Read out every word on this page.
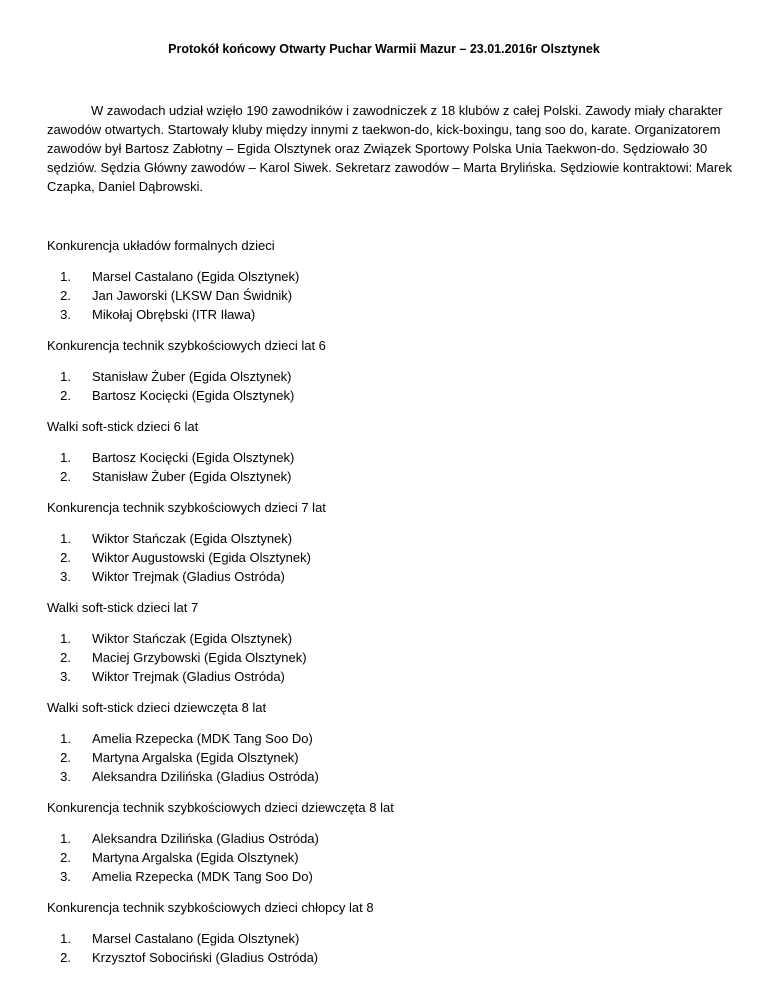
Protokół końcowy Otwarty Puchar Warmii Mazur – 23.01.2016r Olsztynek

W zawodach udział wzięło 190 zawodników i zawodniczek z 18 klubów z całej Polski. Zawody miały charakter zawodów otwartych. Startowały kluby między innymi z taekwon-do, kick-boxingu, tang soo do, karate. Organizatorem zawodów był Bartosz Zabłotny – Egida Olsztynek oraz Związek Sportowy Polska Unia Taekwon-do. Sędziowało 30 sędziów. Sędzia Główny zawodów – Karol Siwek. Sekretarz zawodów – Marta Brylińska. Sędziowie kontraktowi: Marek Czapka, Daniel Dąbrowski.

Konkurencja układów formalnych dzieci

1.	Marsel Castalano (Egida Olsztynek)
2.	Jan Jaworski (LKSW Dan Świdnik)
3.	Mikołaj Obrębski (ITR Iława)

Konkurencja technik szybkościowych dzieci lat 6

1.	Stanisław Żuber (Egida Olsztynek)
2.	Bartosz Kocięcki (Egida Olsztynek)

Walki soft-stick dzieci 6 lat

1.	Bartosz Kocięcki (Egida Olsztynek)
2.	Stanisław Żuber (Egida Olsztynek)

Konkurencja technik szybkościowych dzieci 7 lat

1.	Wiktor Stańczak (Egida Olsztynek)
2.	Wiktor Augustowski (Egida Olsztynek)
3.	Wiktor Trejmak (Gladius Ostróda)

Walki soft-stick dzieci lat 7

1.	Wiktor Stańczak (Egida Olsztynek)
2.	Maciej Grzybowski (Egida Olsztynek)
3.	Wiktor Trejmak (Gladius Ostróda)

Walki soft-stick dzieci dziewczęta 8 lat

1.	Amelia Rzepecka (MDK Tang Soo Do)
2.	Martyna Argalska (Egida Olsztynek)
3.	Aleksandra Dzilińska (Gladius Ostróda)

Konkurencja technik szybkościowych dzieci dziewczęta 8 lat

1.	Aleksandra Dzilińska (Gladius Ostróda)
2.	Martyna Argalska (Egida Olsztynek)
3.	Amelia Rzepecka (MDK Tang Soo Do)

Konkurencja technik szybkościowych dzieci chłopcy lat 8

1.	Marsel Castalano (Egida Olsztynek)
2.	Krzysztof Sobociński (Gladius Ostróda)
